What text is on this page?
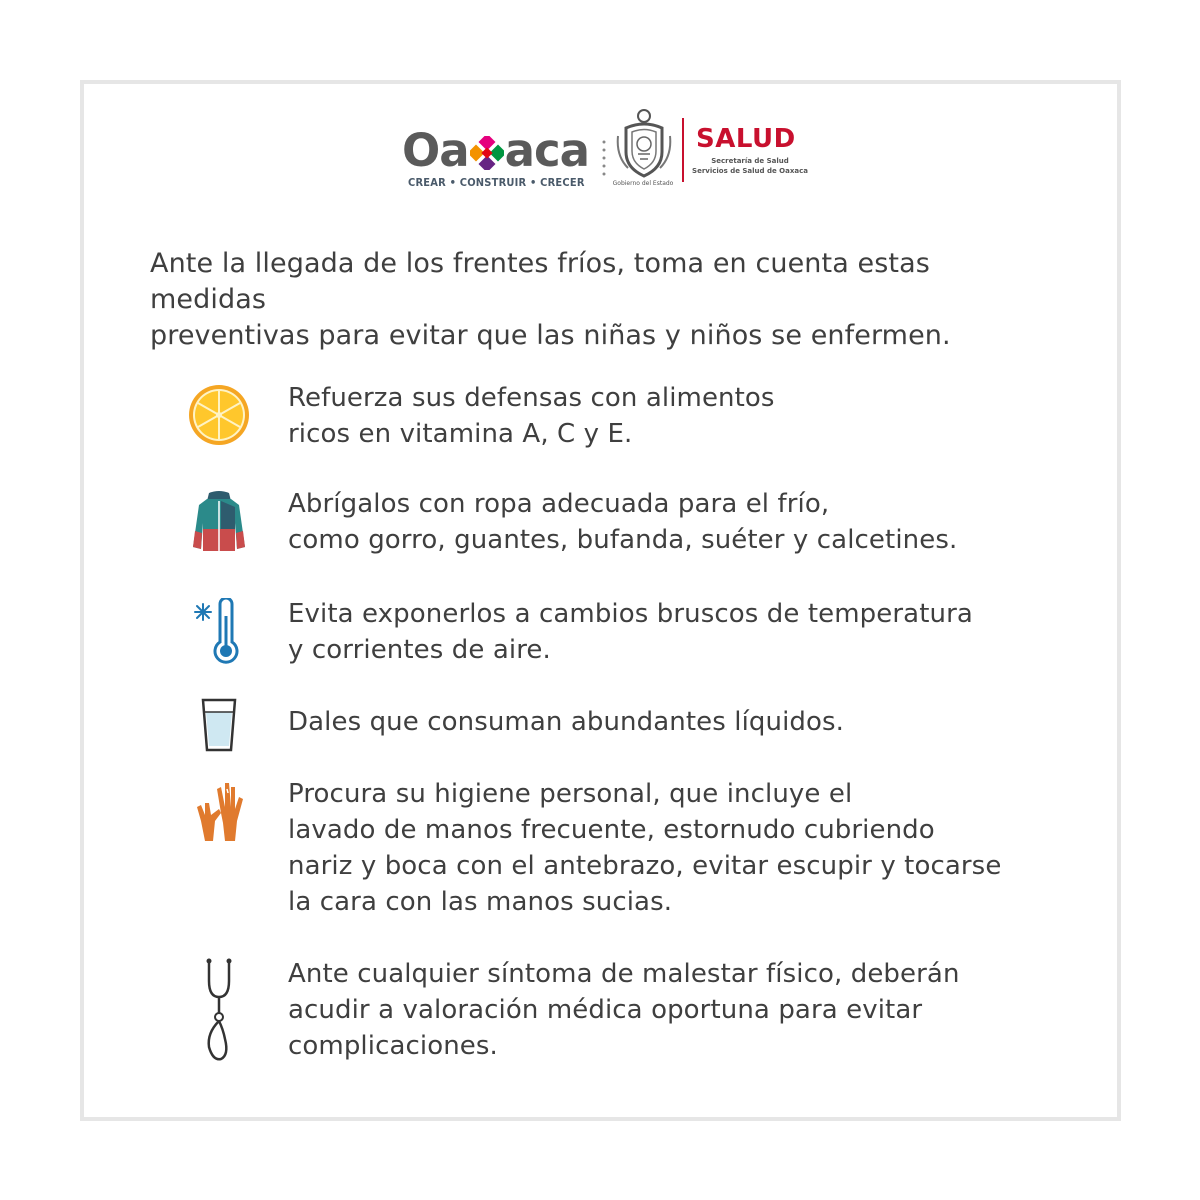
Oa aca
CREAR • CONSTRUIR • CRECER	Gobierno del Estado
SALUD
Secretaría de Salud
Servicios de Salud de Oaxaca
Ante la llegada de los frentes fríos, toma en cuenta estas medidas
preventivas para evitar que las niñas y niños se enfermen.
Refuerza sus defensas con alimentos
ricos en vitamina A, C y E.
Abrígalos con ropa adecuada para el frío,
como gorro, guantes, bufanda, suéter y calcetines.
Evita exponerlos a cambios bruscos de temperatura
y corrientes de aire.
Dales que consuman abundantes líquidos.
Procura su higiene personal, que incluye el
lavado de manos frecuente, estornudo cubriendo
nariz y boca con el antebrazo, evitar escupir y tocarse
la cara con las manos sucias.
Ante cualquier síntoma de malestar físico, deberán
acudir a valoración médica oportuna para evitar
complicaciones.
